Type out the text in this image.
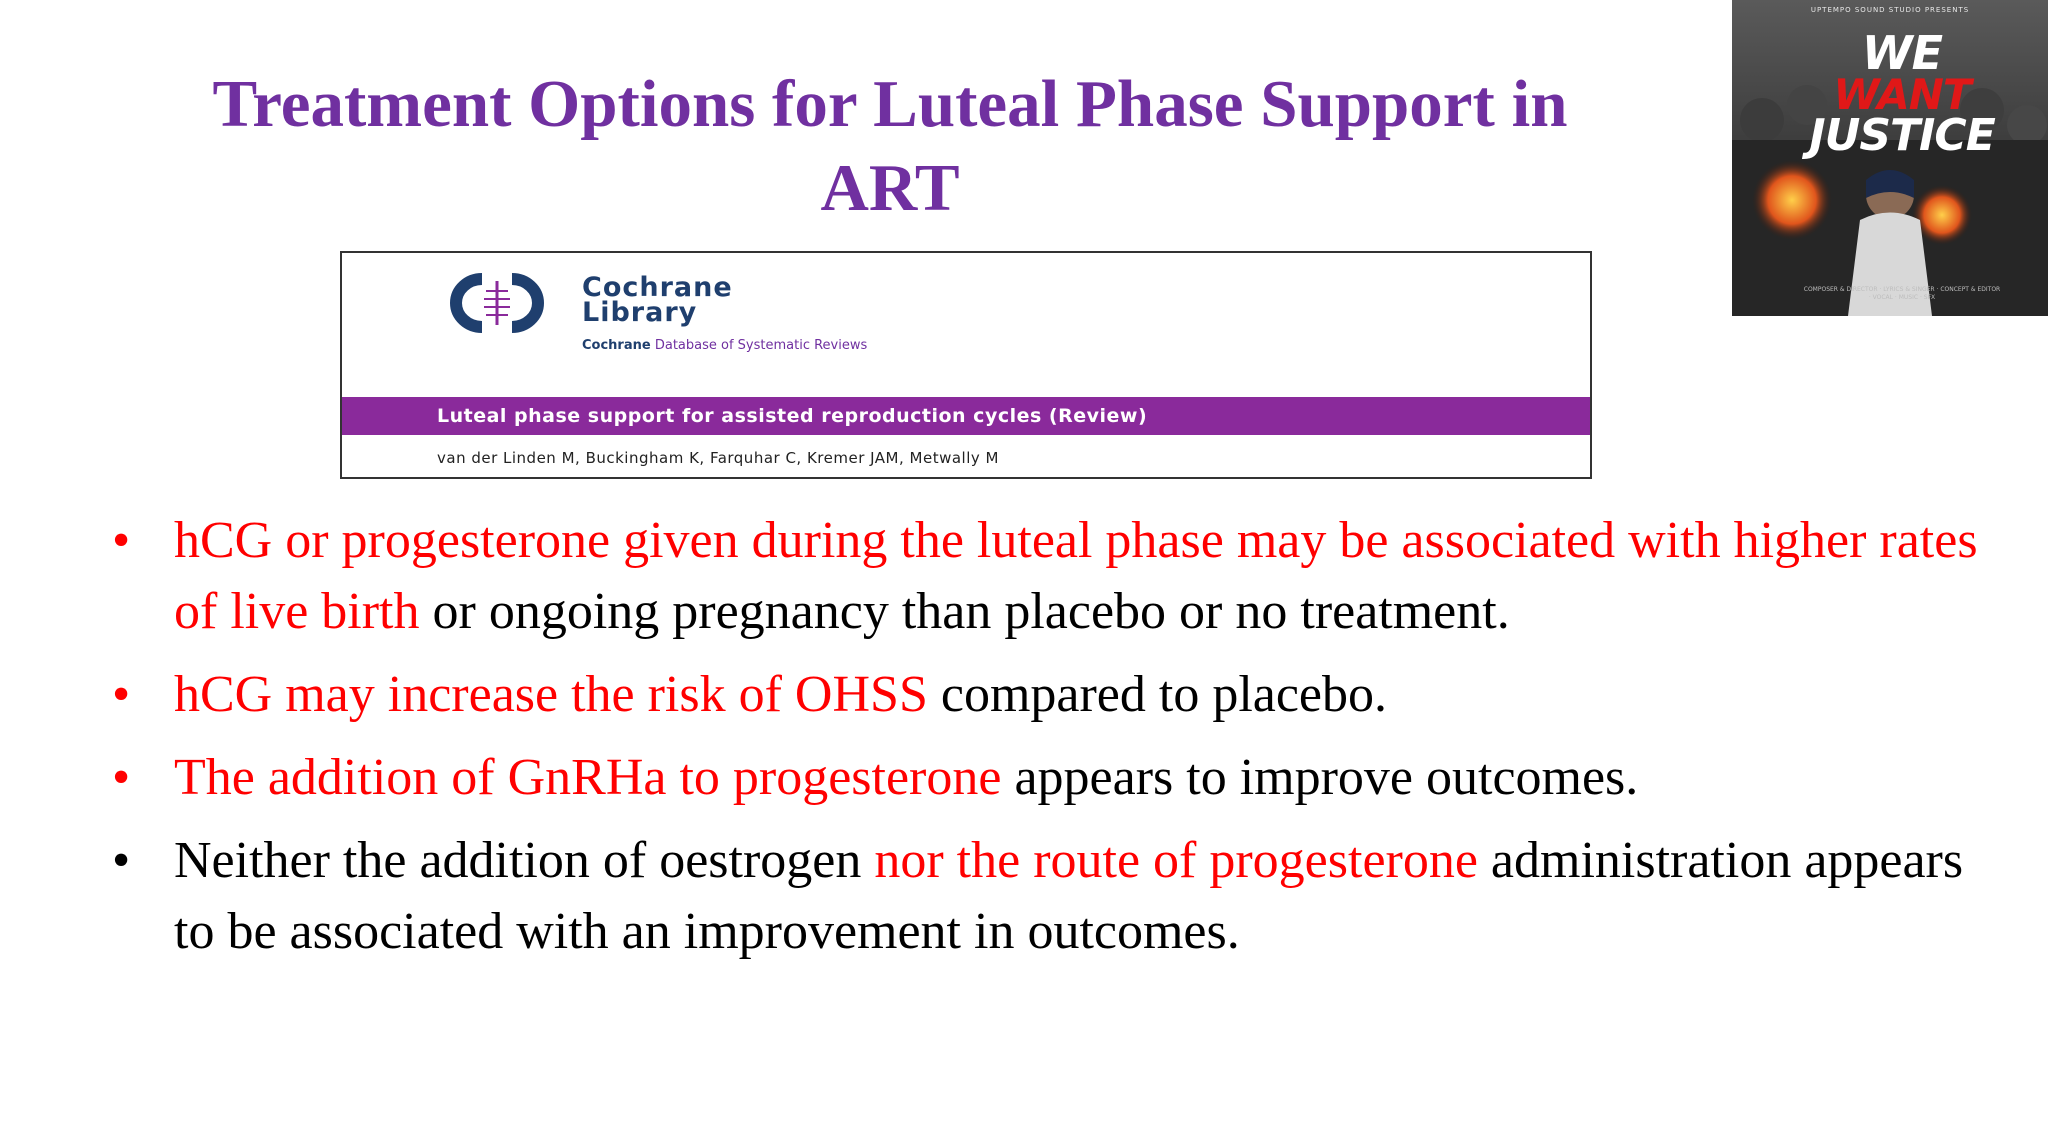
Treatment Options for Luteal Phase Support in ART
Cochrane
Library
Cochrane Database of Systematic Reviews
Luteal phase support for assisted reproduction cycles (Review)
van der Linden M, Buckingham K, Farquhar C, Kremer JAM, Metwally M
UPTEMPO SOUND STUDIO PRESENTS
WE
WANT
JUSTICE
COMPOSER & DIRECTOR · LYRICS & SINGER · CONCEPT & EDITOR · VOCAL · MUSIC · SFX
• hCG or progesterone given during the luteal phase may be associated with higher rates of live birth or ongoing pregnancy than placebo or no treatment.
• hCG may increase the risk of OHSS compared to placebo.
• The addition of GnRHa to progesterone appears to improve outcomes.
• Neither the addition of oestrogen nor the route of progesterone administration appears to be associated with an improvement in outcomes.
